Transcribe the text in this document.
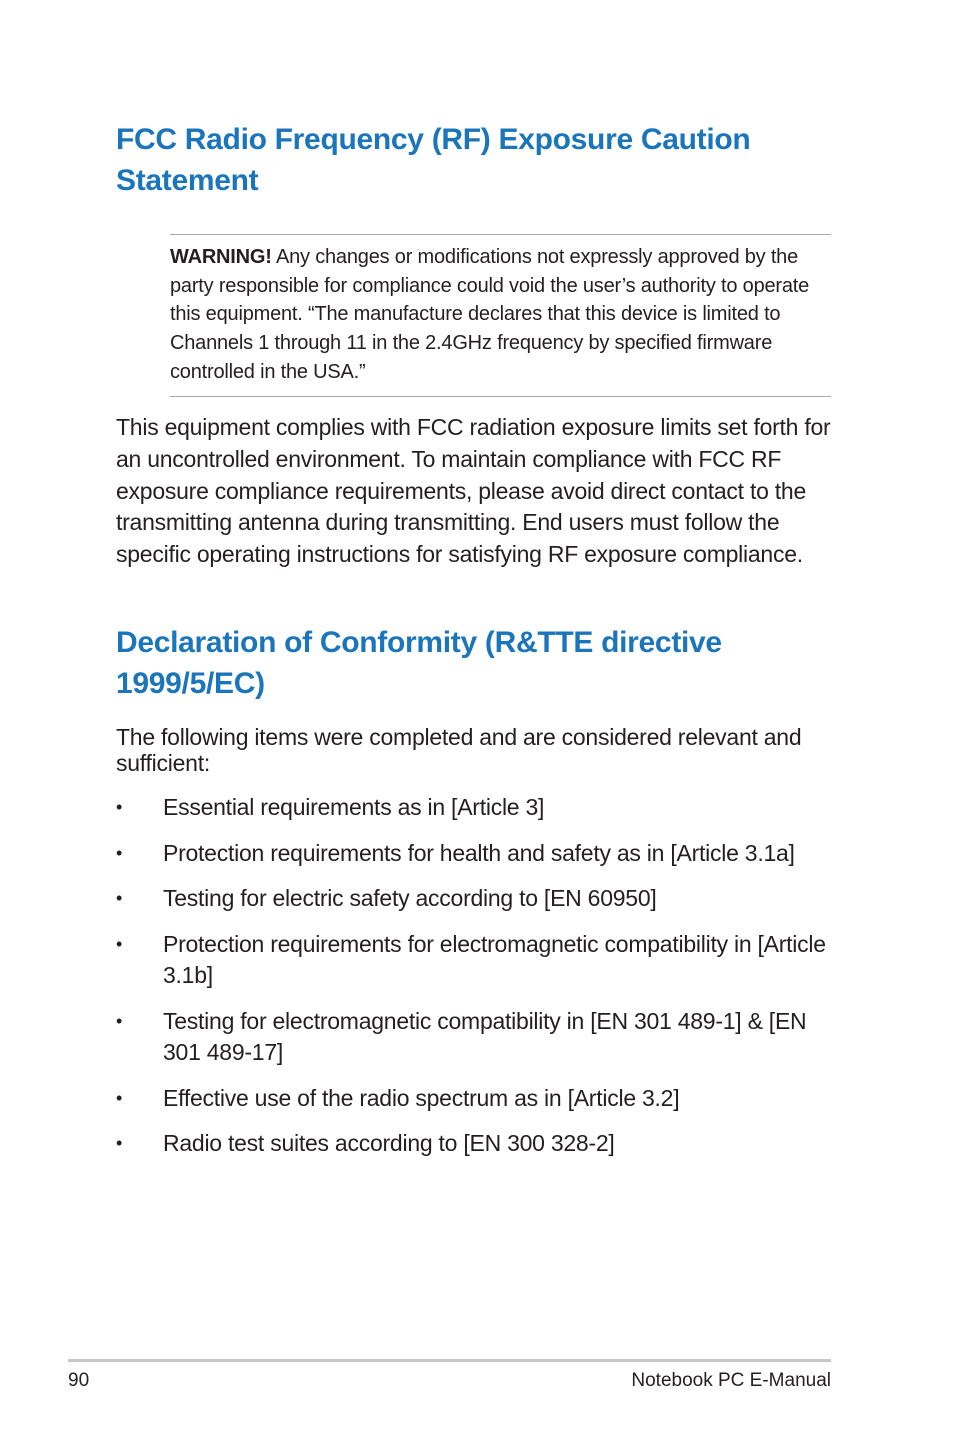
FCC Radio Frequency (RF) Exposure Caution Statement

WARNING! Any changes or modifications not expressly approved by the party responsible for compliance could void the user’s authority to operate this equipment. “The manufacture declares that this device is limited to Channels 1 through 11 in the 2.4GHz frequency by specified firmware controlled in the USA.”

This equipment complies with FCC radiation exposure limits set forth for an uncontrolled environment. To maintain compliance with FCC RF exposure compliance requirements, please avoid direct contact to the transmitting antenna during transmitting. End users must follow the specific operating instructions for satisfying RF exposure compliance.

Declaration of Conformity (R&TTE directive 1999/5/EC)

The following items were completed and are considered relevant and sufficient:

• Essential requirements as in [Article 3]
• Protection requirements for health and safety as in [Article 3.1a]
• Testing for electric safety according to [EN 60950]
• Protection requirements for electromagnetic compatibility in [Article 3.1b]
• Testing for electromagnetic compatibility in [EN 301 489-1] & [EN 301 489-17]
• Effective use of the radio spectrum as in [Article 3.2]
• Radio test suites according to [EN 300 328-2]
90	Notebook PC E-Manual
